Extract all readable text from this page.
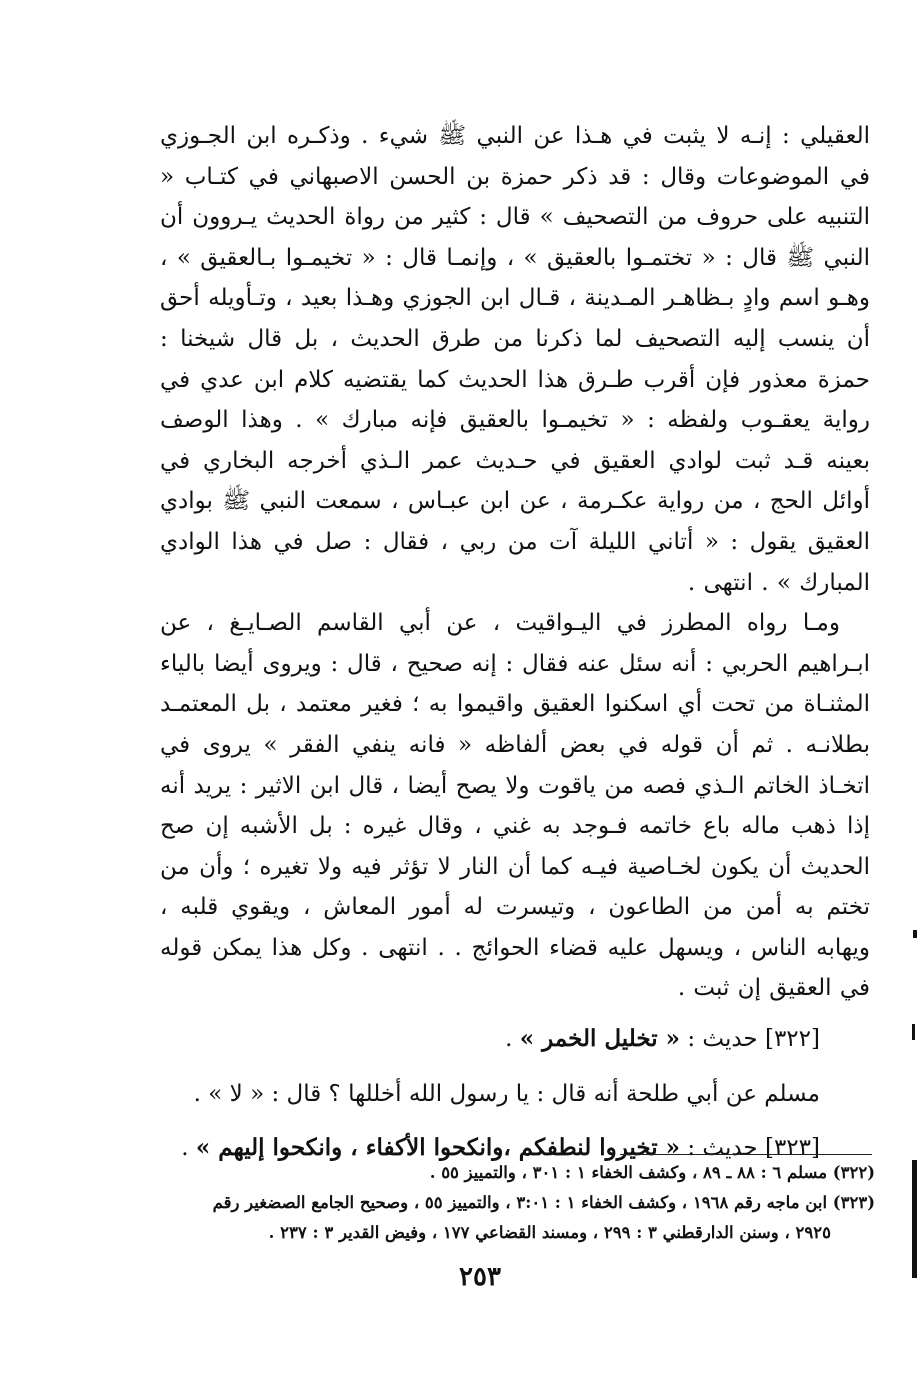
العقيلي : إنـه لا يثبت في هـذا عن النبي ﷺ شيء . وذكـره ابن الجـوزي في الموضوعات وقال : قد ذكر حمزة بن الحسن الاصبهاني في كتـاب « التنبيه على حروف من التصحيف » قال : كثير من رواة الحديث يـروون أن النبي ﷺ قال : « تختمـوا بالعقيق » ، وإنمـا قال : « تخيمـوا بـالعقيق » ، وهـو اسم وادٍ بـظاهـر المـدينة ، قـال ابن الجوزي وهـذا بعيد ، وتـأويله أحق أن ينسب إليه التصحيف لما ذكرنا من طرق الحديث ، بل قال شيخنا : حمزة معذور فإن أقرب طـرق هذا الحديث كما يقتضيه كلام ابن عدي في رواية يعقـوب ولفظه : « تخيمـوا بالعقيق فإنه مبارك » . وهذا الوصف بعينه قـد ثبت لوادي العقيق في حـديث عمر الـذي أخرجه البخاري في أوائل الحج ، من رواية عكـرمة ، عن ابن عبـاس ، سمعت النبي ﷺ بوادي العقيق يقول : « أتاني الليلة آت من ربي ، فقال : صل في هذا الوادي المبارك » . انتهى .

ومـا رواه المطرز في اليـواقيت ، عن أبي القاسم الصـايـغ ، عن ابـراهيم الحربي : أنه سئل عنه فقال : إنه صحيح ، قال : ويروى أيضا بالياء المثنـاة من تحت أي اسكنوا العقيق واقيموا به ؛ فغير معتمد ، بل المعتمـد بطلانـه . ثم أن قوله في بعض ألفاظه « فانه ينفي الفقر » يروى في اتخـاذ الخاتم الـذي فصه من ياقوت ولا يصح أيضا ، قال ابن الاثير : يريد أنه إذا ذهب ماله باع خاتمه فـوجد به غني ، وقال غيره : بل الأشبه إن صح الحديث أن يكون لخـاصية فيـه كما أن النار لا تؤثر فيه ولا تغيره ؛ وأن من تختم به أمن من الطاعون ، وتيسرت له أمور المعاش ، ويقوي قلبه ، ويهابه الناس ، ويسهل عليه قضاء الحوائج . . انتهى . وكل هذا يمكن قوله في العقيق إن ثبت .

[٣٢٢] حديث : « تخليل الخمر » .

مسلم عن أبي طلحة أنه قال : يا رسول الله أخللها ؟ قال : « لا » .

[٣٢٣] حديث : « تخيروا لنطفكم ،وانكحوا الأكفاء ، وانكحوا إليهم » .

(٣٢٢) مسلم ٦ : ٨٨ ـ ٨٩ ، وكشف الخفاء ١ : ٣٠١ ، والتمييز ٥٥ .

(٣٢٣) ابن ماجه رقم ١٩٦٨ ، وكشف الخفاء ١ : ٣:٠١ ، والتمييز ٥٥ ، وصحيح الجامع الصضغير رقم

٢٩٢٥ ، وسنن الدارقطني ٣ : ٢٩٩ ، ومسند القضاعي ١٧٧ ، وفيض القدير ٣ : ٢٣٧ .

٢٥٣
